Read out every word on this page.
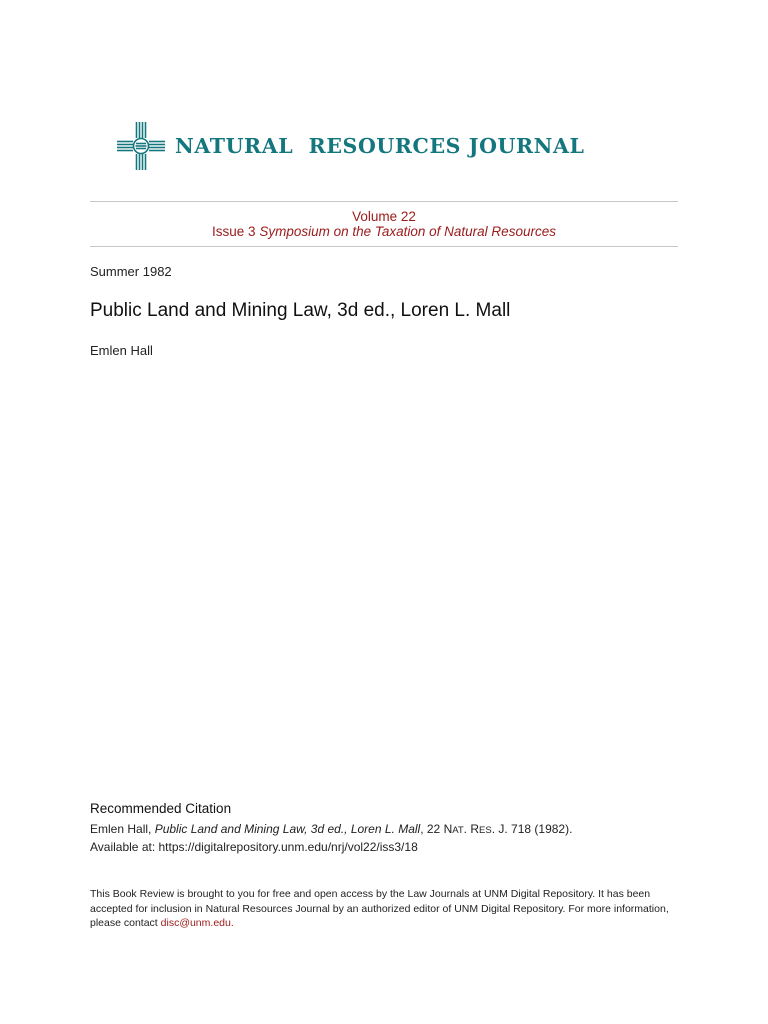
NATURAL  RESOURCES JOURNAL
Volume 22
Issue 3 Symposium on the Taxation of Natural Resources
Summer 1982
Public Land and Mining Law, 3d ed., Loren L. Mall
Emlen Hall
Recommended Citation
Emlen Hall, Public Land and Mining Law, 3d ed., Loren L. Mall, 22 NAT. RES. J. 718 (1982).
Available at: https://digitalrepository.unm.edu/nrj/vol22/iss3/18
This Book Review is brought to you for free and open access by the Law Journals at UNM Digital Repository. It has been accepted for inclusion in Natural Resources Journal by an authorized editor of UNM Digital Repository. For more information, please contact disc@unm.edu.
